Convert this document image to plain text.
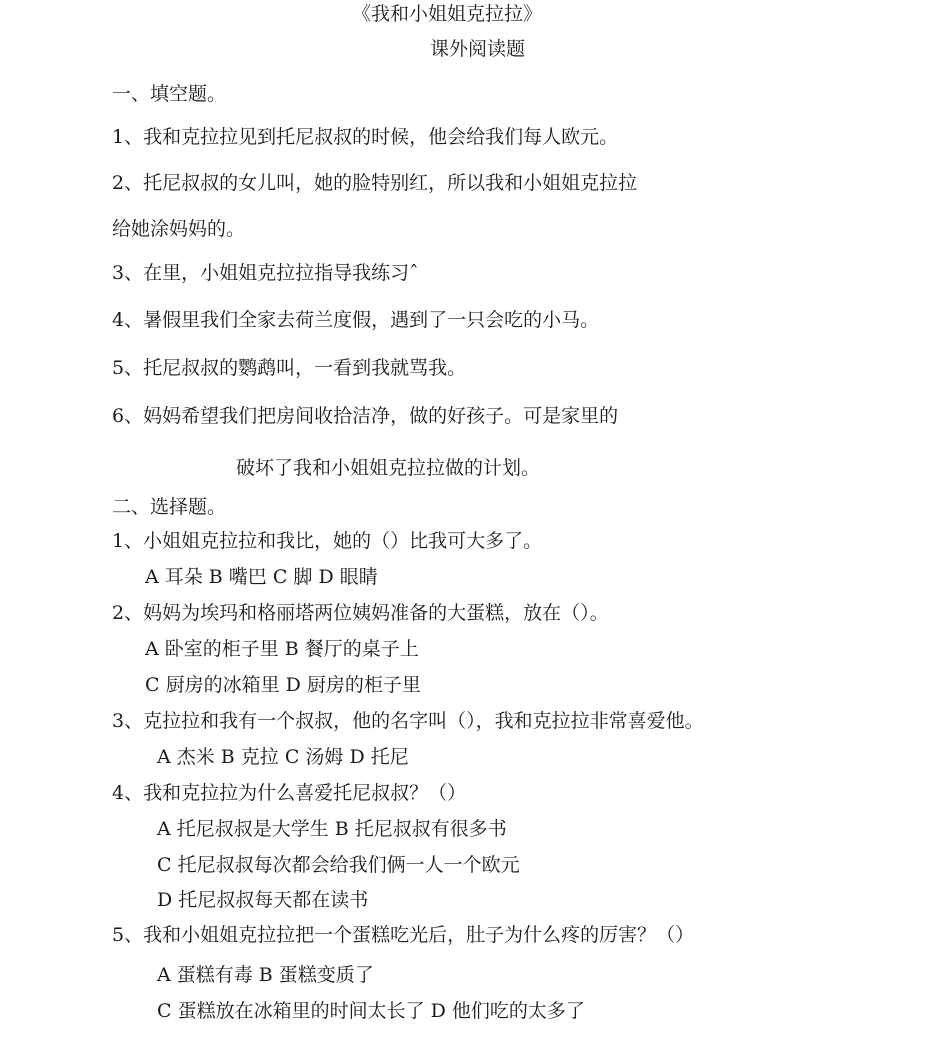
《我和小姐姐克拉拉》
课外阅读题
一、填空题。
1、我和克拉拉见到托尼叔叔的时候，他会给我们每人欧元。
2、托尼叔叔的女儿叫，她的脸特别红，所以我和小姐姐克拉拉
给她涂妈妈的。
3、在里，小姐姐克拉拉指导我练习ˆ
4、暑假里我们全家去荷兰度假，遇到了一只会吃的小马。
5、托尼叔叔的鹦鹉叫，一看到我就骂我。
6、妈妈希望我们把房间收拾洁净，做的好孩子。可是家里的
破坏了我和小姐姐克拉拉做的计划。
二、选择题。
1、小姐姐克拉拉和我比，她的（）比我可大多了。
A 耳朵 B 嘴巴 C 脚 D 眼睛
2、妈妈为埃玛和格丽塔两位姨妈准备的大蛋糕，放在（）。
A 卧室的柜子里 B 餐厅的桌子上
C 厨房的冰箱里 D 厨房的柜子里
3、克拉拉和我有一个叔叔，他的名字叫（），我和克拉拉非常喜爱他。
A 杰米 B 克拉 C 汤姆 D 托尼
4、我和克拉拉为什么喜爱托尼叔叔？（）
A 托尼叔叔是大学生 B 托尼叔叔有很多书
C 托尼叔叔每次都会给我们俩一人一个欧元
D 托尼叔叔每天都在读书
5、我和小姐姐克拉拉把一个蛋糕吃光后，肚子为什么疼的厉害？（）
A 蛋糕有毒 B 蛋糕变质了
C 蛋糕放在冰箱里的时间太长了 D 他们吃的太多了
